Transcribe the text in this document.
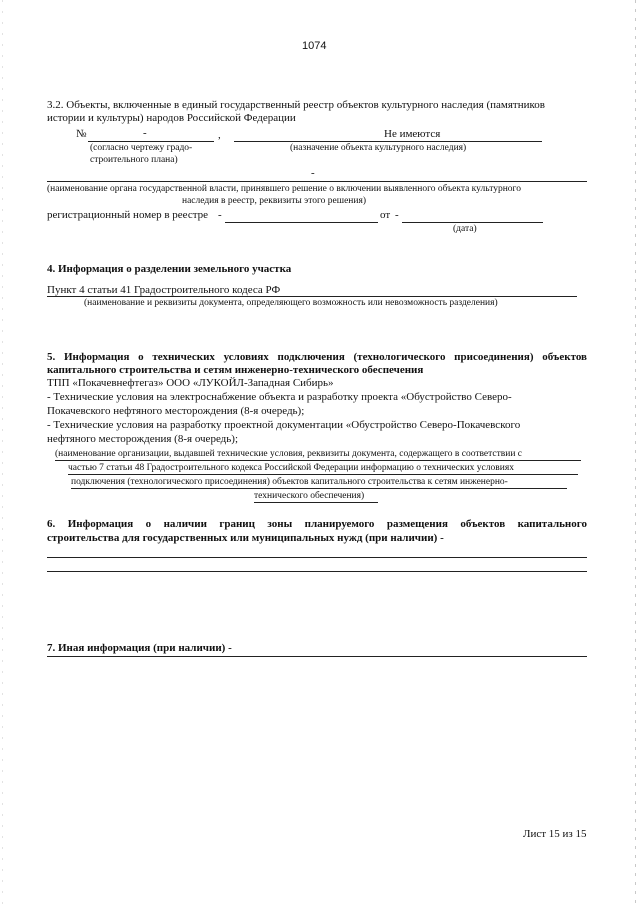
1074
3.2. Объекты, включенные в единый государственный реестр объектов культурного наследия (памятников
истории и культуры) народов Российской Федерации
№	-	,	Не имеются
(согласно чертежу градо-
строительного плана)
(назначение объекта культурного наследия)
-
(наименование органа государственной власти, принявшего решение о включении выявленного объекта культурного
наследия в реестр, реквизиты этого решения)
регистрационный номер в реестре -	от -
(дата)
4. Информация о разделении земельного участка
Пункт 4 статьи 41 Градостроительного кодеса РФ
(наименование и реквизиты документа, определяющего возможность или невозможность разделения)
5. Информация о технических условиях подключения (технологического присоединения) объектов
капитального строительства и сетям инженерно-технического обеспечения
ТПП «Покачевнефтегаз» ООО «ЛУКОЙЛ-Западная Сибирь»
- Технические условия на электроснабжение объекта и разработку проекта «Обустройство Северо-
Покачевского нефтяного месторождения (8-я очередь);
- Технические условия на разработку проектной документации «Обустройство Северо-Покачевского
нефтяного месторождения (8-я очередь);
(наименование организации, выдавшей технические условия, реквизиты документа, содержащего в соответствии с
частью 7 статьи 48 Градостроительного кодекса Российской Федерации информацию о технических условиях
подключения (технологического присоединения) объектов капитального строительства к сетям инженерно-
технического обеспечения)
6. Информация о наличии границ зоны планируемого размещения объектов капитального
строительства для государственных или муниципальных нужд (при наличии) -
7. Иная информация (при наличии) -
Лист 15 из 15
